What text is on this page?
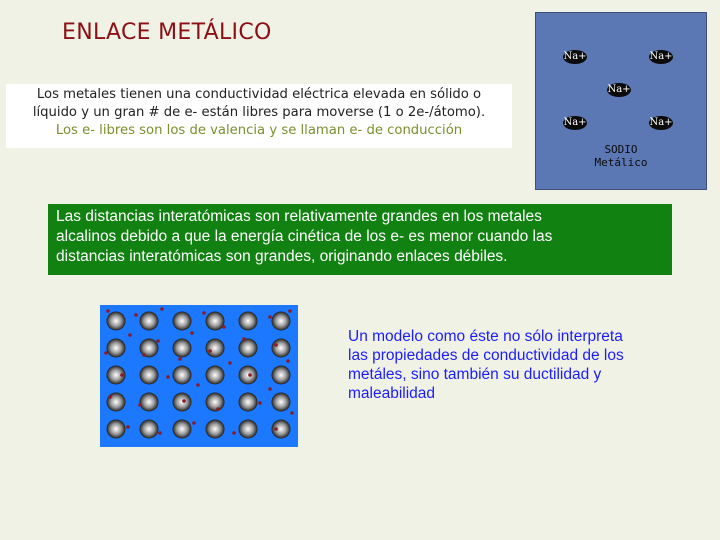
ENLACE METÁLICO
Los metales tienen una conductividad eléctrica elevada en sólido o
líquido y un gran # de e- están libres para moverse (1 o 2e-/átomo).
Los e- libres son los de valencia y se llaman e- de conducción
Na+	Na+
Na+
Na+	Na+
SODIO
Metálico
Las distancias interatómicas son relativamente grandes en los metales
alcalinos debido a que la energía cinética de los e- es menor cuando las
distancias interatómicas son grandes, originando enlaces débiles.
Un modelo como éste no sólo interpreta
las propiedades de conductividad de los
metáles, sino también su ductilidad y
maleabilidad
